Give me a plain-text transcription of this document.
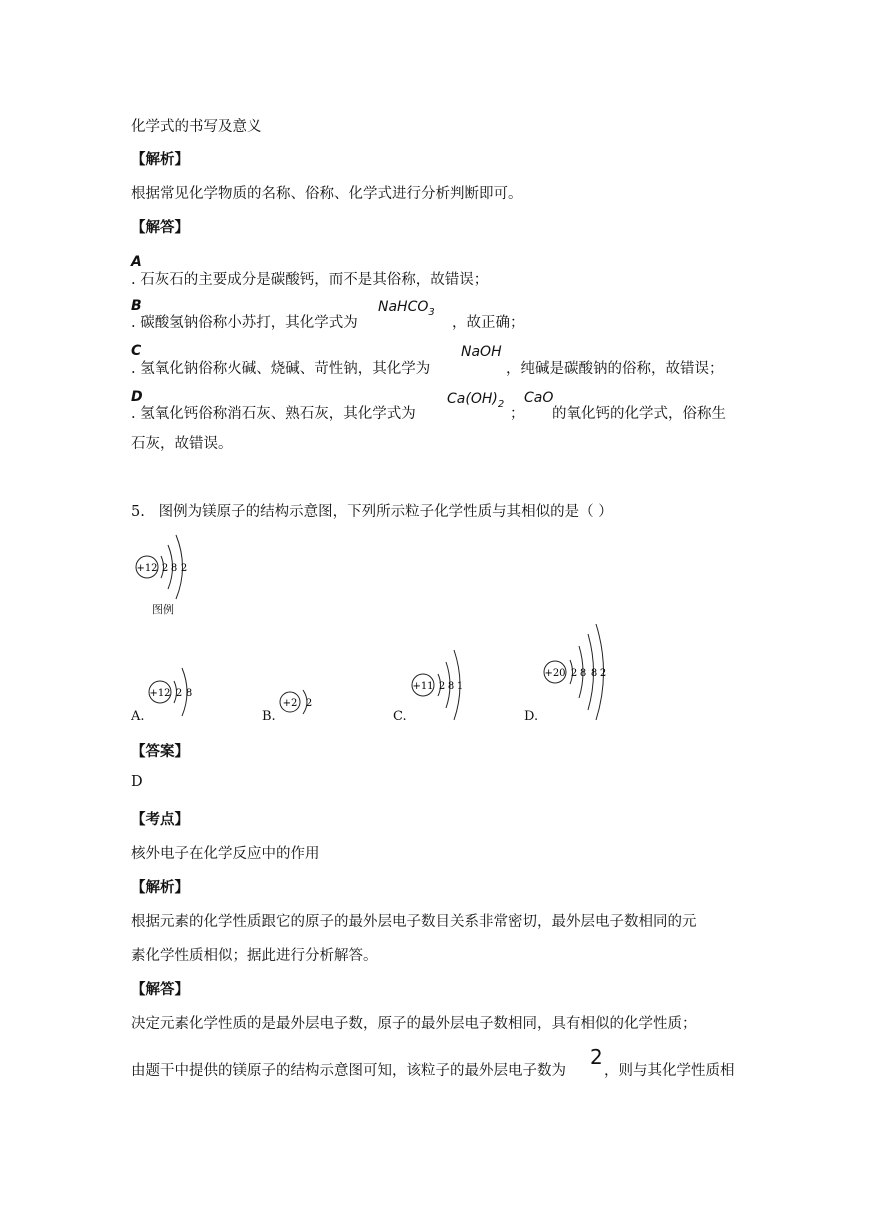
化学式的书写及意义
【解析】
根据常见化学物质的名称、俗称、化学式进行分析判断即可。
【解答】
A
. 石灰石的主要成分是碳酸钙，而不是其俗称，故错误；
B
. 碳酸氢钠俗称小苏打，其化学式为
NaHCO$_3$
，故正确；
C
. 氢氧化钠俗称火碱、烧碱、苛性钠，其化学为
NaOH
，纯碱是碳酸钠的俗称，故错误；
D
. 氢氧化钙俗称消石灰、熟石灰，其化学式为
$Ca(OH)_2$
；
CaO
的氧化钙的化学式，俗称生
石灰，故错误。
5.   图例为镁原子的结构示意图，下列所示粒子化学性质与其相似的是（ ）
+12 2 8 2
图例
A.
+12 2 8
B.
+2 2
C.
+11 2 8 1
D.
+20 2 8 8 2
【答案】
D
【考点】
核外电子在化学反应中的作用
【解析】
根据元素的化学性质跟它的原子的最外层电子数目关系非常密切，最外层电子数相同的元
素化学性质相似；据此进行分析解答。
【解答】
决定元素化学性质的是最外层电子数，原子的最外层电子数相同，具有相似的化学性质；
由题干中提供的镁原子的结构示意图可知，该粒子的最外层电子数为
2
，则与其化学性质相
